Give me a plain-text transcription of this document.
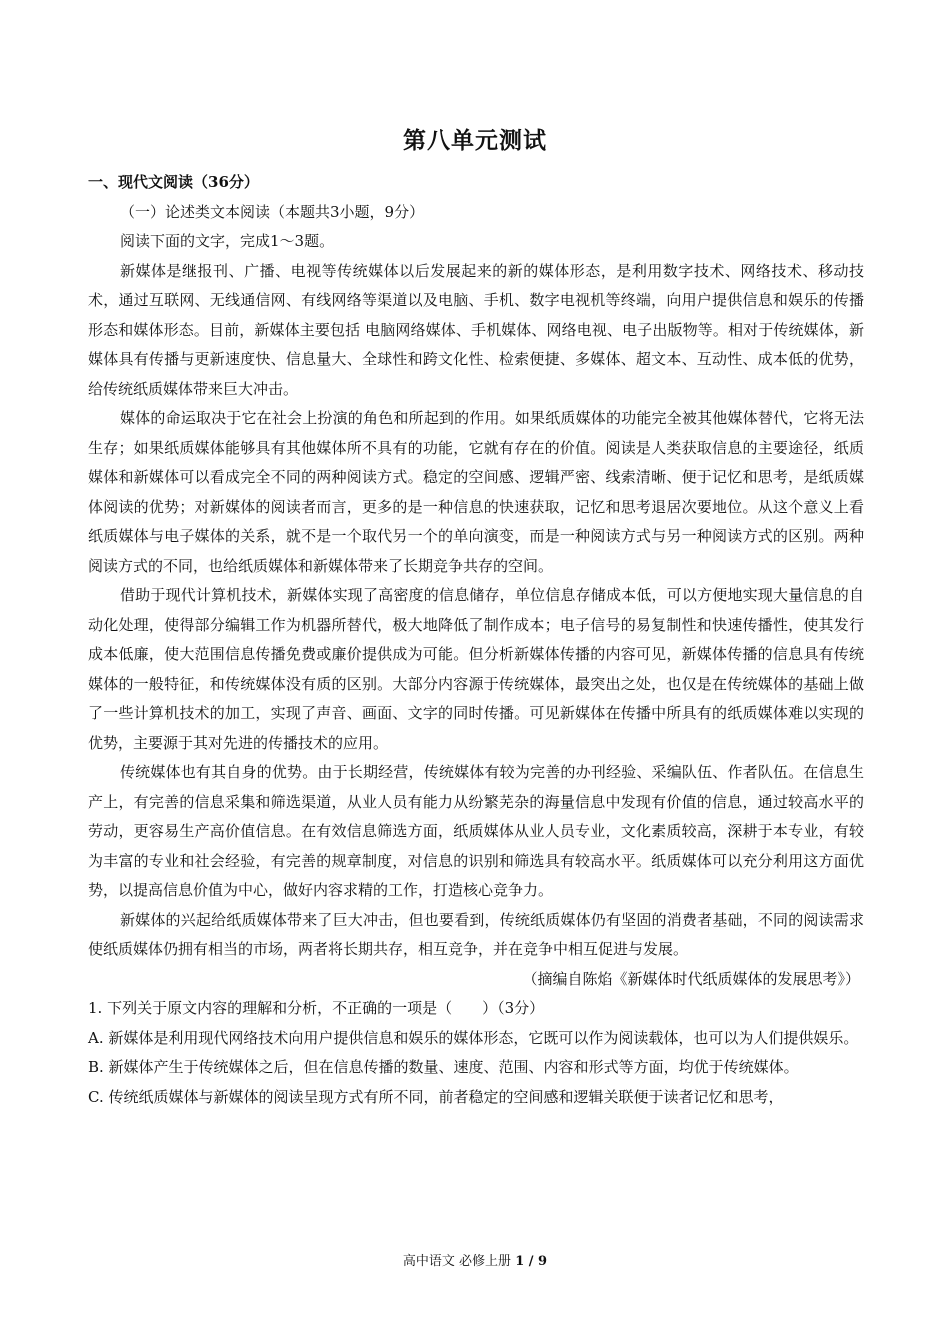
第八单元测试

一、现代文阅读（36分）

（一）论述类文本阅读（本题共3小题，9分）

阅读下面的文字，完成1～3题。

新媒体是继报刊、广播、电视等传统媒体以后发展起来的新的媒体形态，是利用数字技术、网络技术、移动技术，通过互联网、无线通信网、有线网络等渠道以及电脑、手机、数字电视机等终端，向用户提供信息和娱乐的传播形态和媒体形态。目前，新媒体主要包括 电脑网络媒体、手机媒体、网络电视、电子出版物等。相对于传统媒体，新媒体具有传播与更新速度快、信息量大、全球性和跨文化性、检索便捷、多媒体、超文本、互动性、成本低的优势，给传统纸质媒体带来巨大冲击。

媒体的命运取决于它在社会上扮演的角色和所起到的作用。如果纸质媒体的功能完全被其他媒体替代，它将无法生存；如果纸质媒体能够具有其他媒体所不具有的功能，它就有存在的价值。阅读是人类获取信息的主要途径，纸质媒体和新媒体可以看成完全不同的两种阅读方式。稳定的空间感、逻辑严密、线索清晰、便于记忆和思考，是纸质媒体阅读的优势；对新媒体的阅读者而言，更多的是一种信息的快速获取，记忆和思考退居次要地位。从这个意义上看纸质媒体与电子媒体的关系，就不是一个取代另一个的单向演变，而是一种阅读方式与另一种阅读方式的区别。两种阅读方式的不同，也给纸质媒体和新媒体带来了长期竞争共存的空间。

借助于现代计算机技术，新媒体实现了高密度的信息储存，单位信息存储成本低，可以方便地实现大量信息的自动化处理，使得部分编辑工作为机器所替代，极大地降低了制作成本；电子信号的易复制性和快速传播性，使其发行成本低廉，使大范围信息传播免费或廉价提供成为可能。但分析新媒体传播的内容可见，新媒体传播的信息具有传统媒体的一般特征，和传统媒体没有质的区别。大部分内容源于传统媒体，最突出之处，也仅是在传统媒体的基础上做了一些计算机技术的加工，实现了声音、画面、文字的同时传播。可见新媒体在传播中所具有的纸质媒体难以实现的优势，主要源于其对先进的传播技术的应用。

传统媒体也有其自身的优势。由于长期经营，传统媒体有较为完善的办刊经验、采编队伍、作者队伍。在信息生产上，有完善的信息采集和筛选渠道，从业人员有能力从纷繁芜杂的海量信息中发现有价值的信息，通过较高水平的劳动，更容易生产高价值信息。在有效信息筛选方面，纸质媒体从业人员专业，文化素质较高，深耕于本专业，有较为丰富的专业和社会经验，有完善的规章制度，对信息的识别和筛选具有较高水平。纸质媒体可以充分利用这方面优势，以提高信息价值为中心，做好内容求精的工作，打造核心竞争力。

新媒体的兴起给纸质媒体带来了巨大冲击，但也要看到，传统纸质媒体仍有坚固的消费者基础，不同的阅读需求使纸质媒体仍拥有相当的市场，两者将长期共存，相互竞争，并在竞争中相互促进与发展。

（摘编自陈焰《新媒体时代纸质媒体的发展思考》）

1. 下列关于原文内容的理解和分析，不正确的一项是（　　）（3分）

A. 新媒体是利用现代网络技术向用户提供信息和娱乐的媒体形态，它既可以作为阅读载体，也可以为人们提供娱乐。

B. 新媒体产生于传统媒体之后，但在信息传播的数量、速度、范围、内容和形式等方面，均优于传统媒体。

C. 传统纸质媒体与新媒体的阅读呈现方式有所不同，前者稳定的空间感和逻辑关联便于读者记忆和思考，

高中语文 必修上册 1 / 9
